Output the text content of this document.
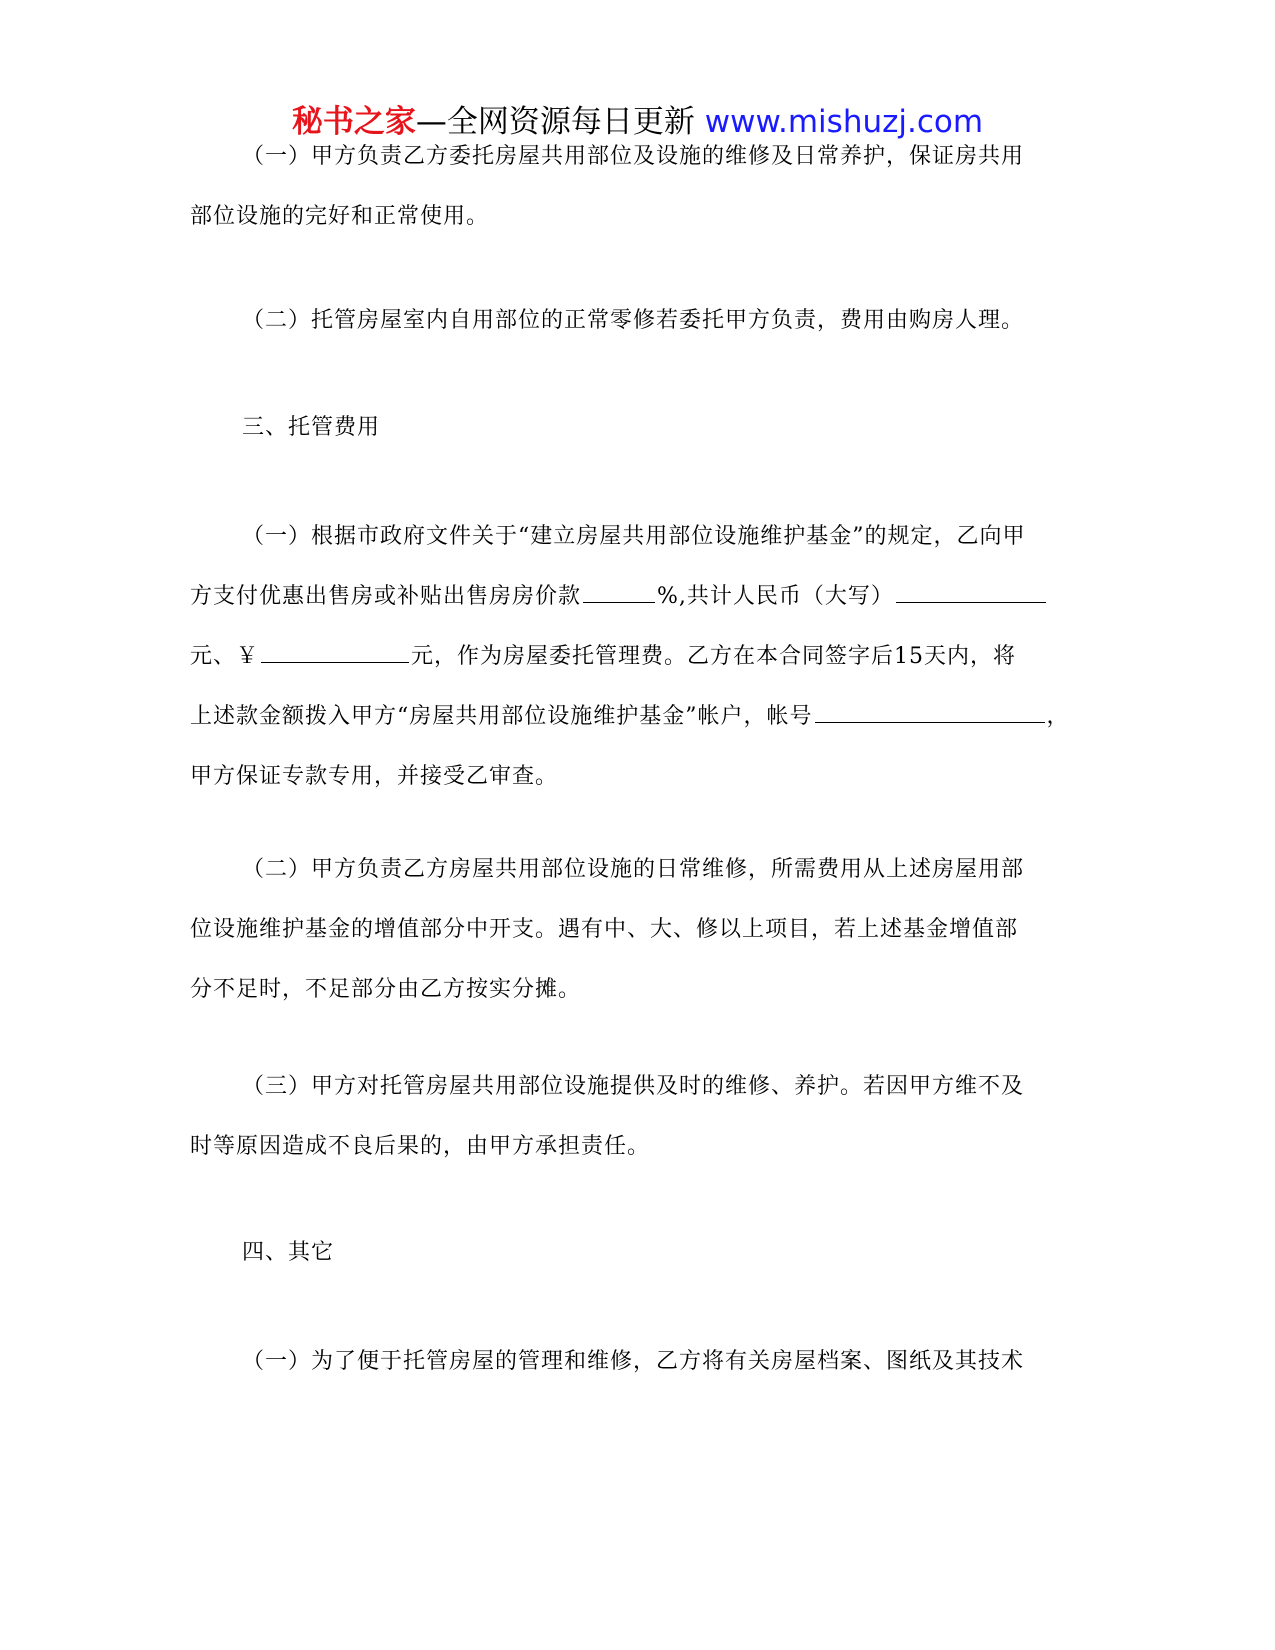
秘书之家—全网资源每日更新 www.mishuzj.com
（一）甲方负责乙方委托房屋共用部位及设施的维修及日常养护，保证房共用
部位设施的完好和正常使用。
（二）托管房屋室内自用部位的正常零修若委托甲方负责，费用由购房人理。
三、托管费用
（一）根据市政府文件关于“建立房屋共用部位设施维护基金”的规定，乙向甲
方支付优惠出售房或补贴出售房房价款	%,共计人民币（大写）
元、￥	元，作为房屋委托管理费。乙方在本合同签字后15天内，将
上述款金额拨入甲方“房屋共用部位设施维护基金”帐户，帐号	，
甲方保证专款专用，并接受乙审查。
（二）甲方负责乙方房屋共用部位设施的日常维修，所需费用从上述房屋用部
位设施维护基金的增值部分中开支。遇有中、大、修以上项目，若上述基金增值部
分不足时，不足部分由乙方按实分摊。
（三）甲方对托管房屋共用部位设施提供及时的维修、养护。若因甲方维不及
时等原因造成不良后果的，由甲方承担责任。
四、其它
（一）为了便于托管房屋的管理和维修，乙方将有关房屋档案、图纸及其技术
